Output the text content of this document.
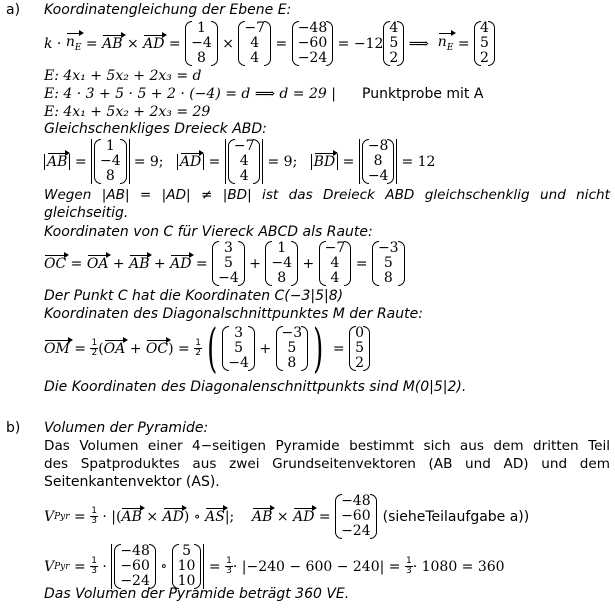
a) Koordinatengleichung der Ebene E:
$k \cdot n_E$ = AB × AD =
1
−4
8
×
−7
4
4
=
−48
−60
−24
= −12
4
5
2

⟹
$n_E$ =
4
5
2
E: 4x₁ + 5x₂ + 2x₃ = d
E: 4 · 3 + 5 · 5 + 2 · (−4) = d ⟹ d = 29 | Punktprobe mit A
E: 4x₁ + 5x₂ + 2x₃ = 29
Gleichschenkliges Dreieck ABD:
AB =
1
−4
8
= 9;
AD =
−7
4
4
= 9;
BD =
−8
8
−4
= 12
Wegen |AB| = |AD| ≠ |BD| ist das Dreieck ABD gleichschenklig und nicht
gleichseitig.
Koordinaten von C für Viereck ABCD als Raute:
OC = OA + AB + AD =
3
5
−4
+
1
−4
8
+
−7
4
4
=
−3
5
8
Der Punkt C hat die Koordinaten C(−3|5|8)
Koordinaten des Diagonalschnittpunktes M der Raute:
OM = $\frac{1}{2}$ ( OA + OC ) = $\frac{1}{2}$ ( 3
5
−4
+
−3
5
8 ) =
0
5
2
Die Koordinaten des Diagonalenschnittpunkts sind M(0|5|2).
b) Volumen der Pyramide:
Das Volumen einer 4−seitigen Pyramide bestimmt sich aus dem dritten Teil
des Spatproduktes aus zwei Grundseitenvektoren (AB und AD) und dem
Seitenkantenvektor (AS).
V Pyr = $\frac{1}{3}$ · |( AB × AD ) ∘ AS |; AB × AD =
−48
−60
−24
(sieheTeilaufgabe a))
V Pyr = $\frac{1}{3}$ ·
−48
−60
−24
∘
5
10
10
= $\frac{1}{3} \cdot |-240 - 600 - 240|$ =
$\frac{1}{3} \cdot 1080 = 360$
Das Volumen der Pyramide beträgt 360 VE.
